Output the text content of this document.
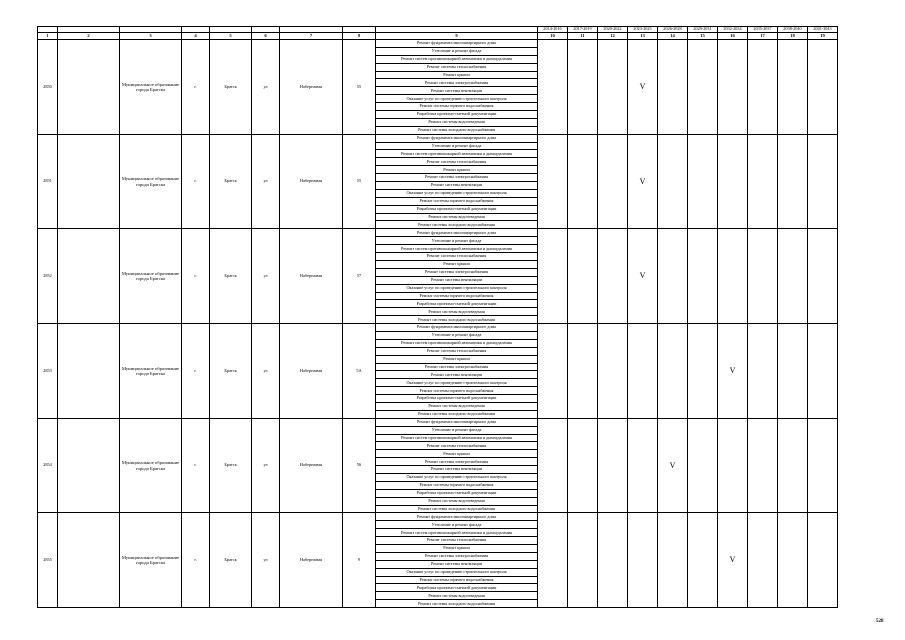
									2014-2016	2017-2019	2020-2022	2023-2025	2026-2028	2029-2031	2032-2034	2035-2037	2038-2040	2041-2043
1	2	3	4	5	6	7	8	9	10	11	12	13	14	15	16	17	18	19
2850		Муниципальное образование города Братска	г.	Братск	ул	Набережная	55	Ремонт фундамента многоквартирного дома				V						
								Утепление и ремонт фасада										
								Ремонт систем противопожарной автоматики и дымоудаления										
								Ремонт системы теплоснабжения										
								Ремонт крыши										
								Ремонт системы электроснабжения										
								Ремонт системы вентиляции										
								Оказание услуг по проведению строительного контроля										
								Ремонт системы горячего водоснабжения										
								Разработка проектно-сметной документации										
								Ремонт системы водоотведения										
								Ремонт системы холодного водоснабжения										
2851		Муниципальное образование города Братска	г.	Братск	ул	Набережная	55	Ремонт фундамента многоквартирного дома				V						
								Утепление и ремонт фасада										
								Ремонт систем противопожарной автоматики и дымоудаления										
								Ремонт системы теплоснабжения										
								Ремонт крыши										
								Ремонт системы электроснабжения										
								Ремонт системы вентиляции										
								Оказание услуг по проведению строительного контроля										
								Ремонт системы горячего водоснабжения										
								Разработка проектно-сметной документации										
								Ремонт системы водоотведения										
								Ремонт системы холодного водоснабжения										
2852		Муниципальное образование города Братска	г.	Братск	ул	Набережная	57	Ремонт фундамента многоквартирного дома				V						
								Утепление и ремонт фасада										
								Ремонт систем противопожарной автоматики и дымоудаления										
								Ремонт системы теплоснабжения										
								Ремонт крыши										
								Ремонт системы электроснабжения										
								Ремонт системы вентиляции										
								Оказание услуг по проведению строительного контроля										
								Ремонт системы горячего водоснабжения										
								Разработка проектно-сметной документации										
								Ремонт системы водоотведения										
								Ремонт системы холодного водоснабжения										
2853		Муниципальное образование города Братска	г.	Братск	ул	Набережная	5А	Ремонт фундамента многоквартирного дома							V			
								Утепление и ремонт фасада										
								Ремонт систем противопожарной автоматики и дымоудаления										
								Ремонт системы теплоснабжения										
								Ремонт крыши										
								Ремонт системы электроснабжения										
								Ремонт системы вентиляции										
								Оказание услуг по проведению строительного контроля										
								Ремонт системы горячего водоснабжения										
								Разработка проектно-сметной документации										
								Ремонт системы водоотведения										
								Ремонт системы холодного водоснабжения										
2854		Муниципальное образование города Братска	г.	Братск	ул	Набережная	56	Ремонт фундамента многоквартирного дома					V					
								Утепление и ремонт фасада										
								Ремонт систем противопожарной автоматики и дымоудаления										
								Ремонт системы теплоснабжения										
								Ремонт крыши										
								Ремонт системы электроснабжения										
								Ремонт системы вентиляции										
								Оказание услуг по проведению строительного контроля										
								Ремонт системы горячего водоснабжения										
								Разработка проектно-сметной документации										
								Ремонт системы водоотведения										
								Ремонт системы холодного водоснабжения										
2855		Муниципальное образование города Братска	г.	Братск	ул	Набережная	9	Ремонт фундамента многоквартирного дома							V			
								Утепление и ремонт фасада										
								Ремонт систем противопожарной автоматики и дымоудаления										
								Ремонт системы теплоснабжения										
								Ремонт крыши										
								Ремонт системы электроснабжения										
								Ремонт системы вентиляции										
								Оказание услуг по проведению строительного контроля										
								Ремонт системы горячего водоснабжения										
								Разработка проектно-сметной документации										
								Ремонт системы водоотведения										
								Ремонт системы холодного водоснабжения										
528
